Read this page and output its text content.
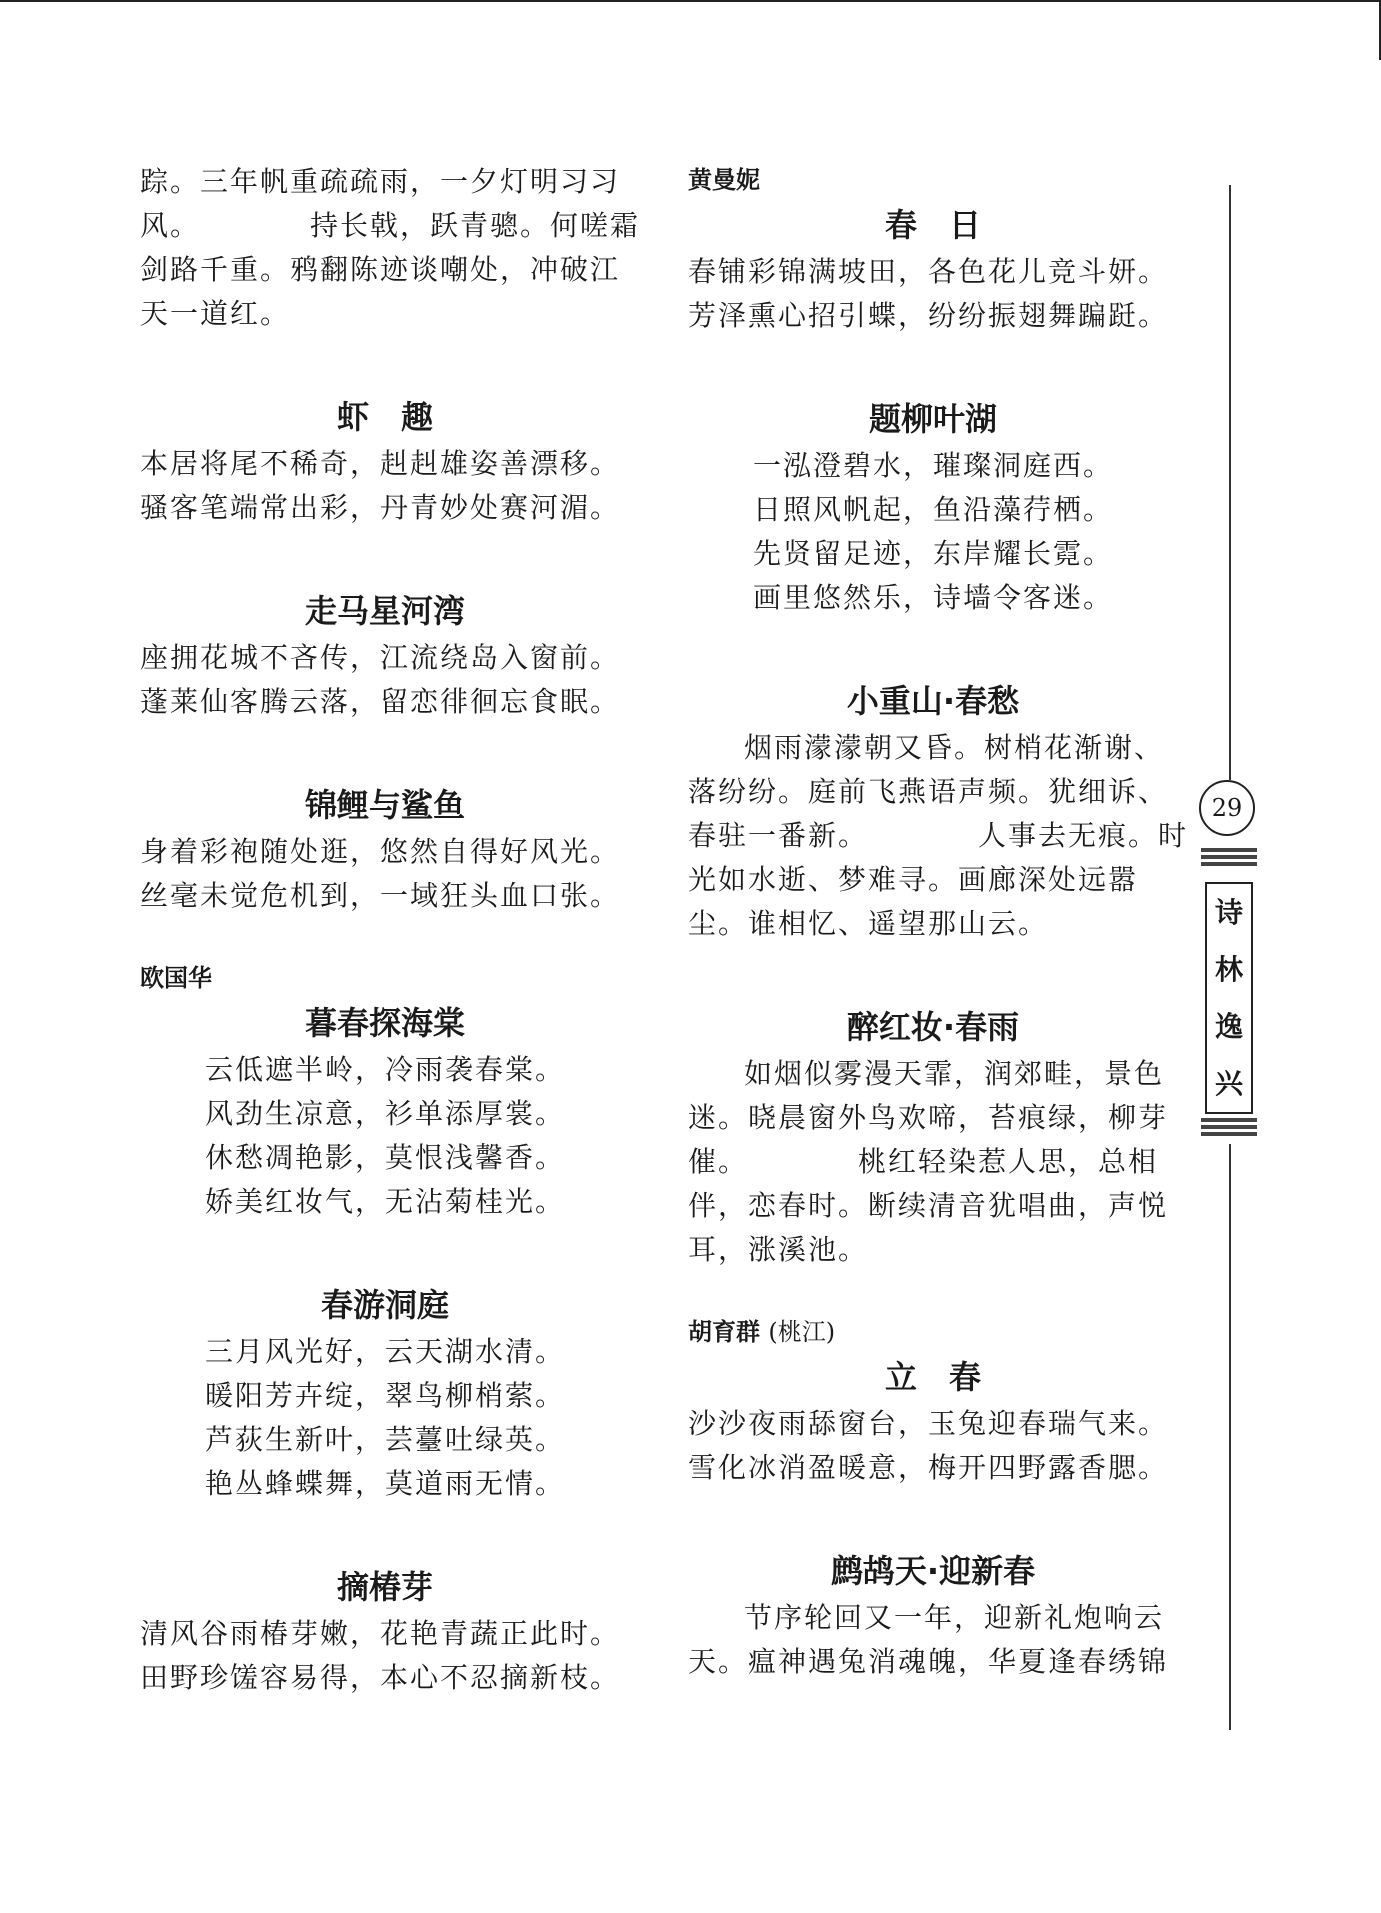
踪。三年帆重疏疏雨，一夕灯明习习
风。	持长戟，跃青骢。何嗟霜
剑路千重。鸦翻陈迹谈嘲处，冲破江
天一道红。
虾　趣
本居将尾不稀奇，赳赳雄姿善漂移。
骚客笔端常出彩，丹青妙处赛河湄。
走马星河湾
座拥花城不吝传，江流绕岛入窗前。
蓬莱仙客腾云落，留恋徘徊忘食眠。
锦鲤与鲨鱼
身着彩袍随处逛，悠然自得好风光。
丝毫未觉危机到，一域狂头血口张。
欧国华
暮春探海棠
云低遮半岭，冷雨袭春棠。
风劲生凉意，衫单添厚裳。
休愁凋艳影，莫恨浅馨香。
娇美红妆气，无沾菊桂光。
春游洞庭
三月风光好，云天湖水清。
暖阳芳卉绽，翠鸟柳梢萦。
芦荻生新叶，芸薹吐绿英。
艳丛蜂蝶舞，莫道雨无情。
摘椿芽
清风谷雨椿芽嫩，花艳青蔬正此时。
田野珍馐容易得，本心不忍摘新枝。
黄曼妮
春　日
春铺彩锦满坡田，各色花儿竞斗妍。
芳泽熏心招引蝶，纷纷振翅舞蹁跹。
题柳叶湖
一泓澄碧水，璀璨洞庭西。
日照风帆起，鱼沿藻荇栖。
先贤留足迹，东岸耀长霓。
画里悠然乐，诗墙令客迷。
小重山·春愁
烟雨濛濛朝又昏。树梢花渐谢、
落纷纷。庭前飞燕语声频。犹细诉、
春驻一番新。	人事去无痕。时
光如水逝、梦难寻。画廊深处远嚣
尘。谁相忆、遥望那山云。
醉红妆·春雨
如烟似雾漫天霏，润郊畦，景色
迷。晓晨窗外鸟欢啼，苔痕绿，柳芽
催。	桃红轻染惹人思，总相
伴，恋春时。断续清音犹唱曲，声悦
耳，涨溪池。
胡育群 (桃江)
立　春
沙沙夜雨舔窗台，玉兔迎春瑞气来。
雪化冰消盈暖意，梅开四野露香腮。
鹧鸪天·迎新春
节序轮回又一年，迎新礼炮响云
天。瘟神遇兔消魂魄，华夏逢春绣锦
29
诗
林
逸
兴
